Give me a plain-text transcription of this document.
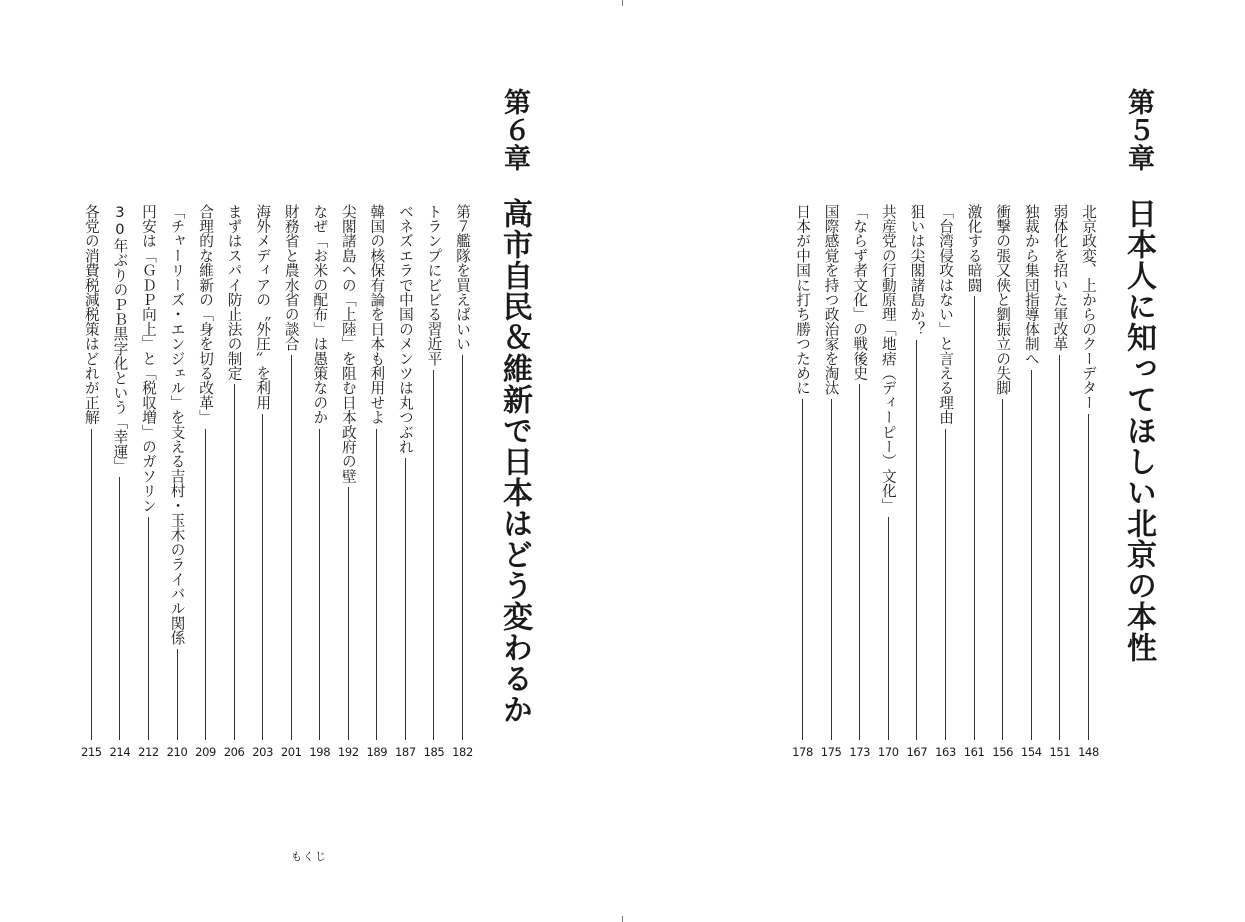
第５章
日本人に知ってほしい北京の本性
北京政変、上からのクーデター
148
弱体化を招いた軍改革
151
独裁から集団指導体制へ
154
衝撃の張又俠と劉振立の失脚
156
激化する暗闘
161
「台湾侵攻はない」と言える理由
163
狙いは尖閣諸島か？
167
共産党の行動原理「地痞（ディーピー）文化」
170
「ならず者文化」の戦後史
173
国際感覚を持つ政治家を淘汰
175
日本が中国に打ち勝つために
178
第６章
高市自民＆維新で日本はどう変わるか
第７艦隊を買えばいい
182
トランプにビビる習近平
185
ベネズエラで中国のメンツは丸つぶれ
187
韓国の核保有論を日本も利用せよ
189
尖閣諸島への「上陸」を阻む日本政府の壁
192
なぜ「お米の配布」は愚策なのか
198
財務省と農水省の談合
201
海外メディアの〝外圧〟を利用
203
まずはスパイ防止法の制定
206
合理的な維新の「身を切る改革」
209
「チャーリーズ・エンジェル」を支える吉村・玉木のライバル関係
210
円安は「ＧＤＰ向上」と「税収増」のガソリン
212
30年ぶりのＰＢ黒字化という「幸運」
214
各党の消費税減税策はどれが正解
215
もくじ
